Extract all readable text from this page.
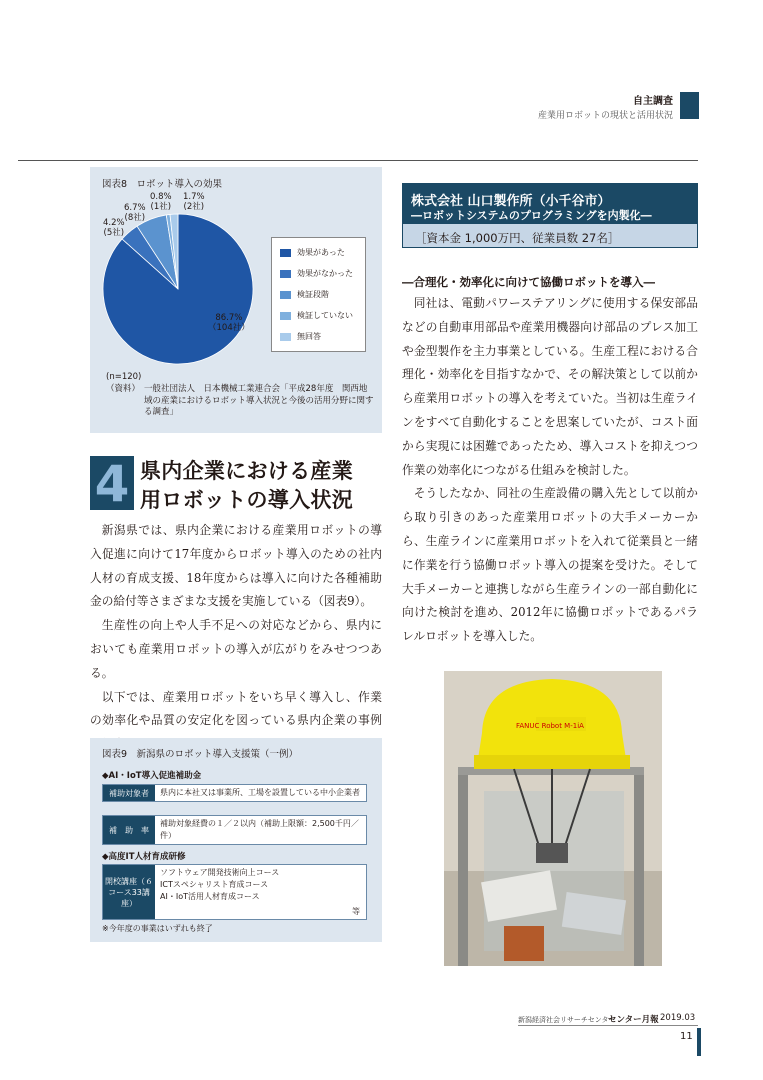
自主調査
産業用ロボットの現状と活用状況
図表8　ロボット導入の効果
86.7%
（104社）
4.2%
(5社)
6.7%
(8社)
0.8%
(1社)
1.7%
(2社)
効果があった
効果がなかった
検証段階
検証していない
無回答
(n=120)
（資料） 一般社団法人　日本機械工業連合会「平成28年度　関西地域の産業におけるロボット導入状況と今後の活用分野に関する調査」
4 県内企業における産業
用ロボットの導入状況

新潟県では、県内企業における産業用ロボットの導入促進に向けて17年度からロボット導入のための社内人材の育成支援、18年度からは導入に向けた各種補助金の給付等さまざまな支援を実施している（図表9）。

生産性の向上や人手不足への対応などから、県内においても産業用ロボットの導入が広がりをみせつつある。

以下では、産業用ロボットをいち早く導入し、作業の効率化や品質の安定化を図っている県内企業の事例

株式会社 山口製作所（小千谷市）
―ロボットシステムのプログラミングを内製化―
［資本金 1,000万円、従業員数 27名］
―合理化・効率化に向けて協働ロボットを導入―

同社は、電動パワーステアリングに使用する保安部品などの自動車用部品や産業用機器向け部品のプレス加工や金型製作を主力事業としている。生産工程における合理化・効率化を目指すなかで、その解決策として以前から産業用ロボットの導入を考えていた。当初は生産ラインをすべて自動化することを思案していたが、コスト面から実現には困難であったため、導入コストを抑えつつ作業の効率化につながる仕組みを検討した。

そうしたなか、同社の生産設備の購入先として以前から取り引きのあった産業用ロボットの大手メーカーから、生産ラインに産業用ロボットを入れて従業員と一緒に作業を行う協働ロボット導入の提案を受けた。そして大手メーカーと連携しながら生産ラインの一部自動化に向けた検討を進め、2012年に協働ロボットであるパラレルロボットを導入した。

FANUC Robot M-1iA
図表9　新潟県のロボット導入支援策（一例）
◆AI・IoT導入促進補助金
補助対象者	県内に本社又は事業所、工場を設置している中小企業者
補　助　率
補助対象経費の１／２以内（補助上限額：2,500千円／件）
◆高度IT人材育成研修
開校講座（６コース33講座）
ソフトウェア開発技術向上コース
ICTスペシャリスト育成コース
AI・IoT活用人材育成コース
等
※今年度の事業はいずれも終了
新潟経済社会リサーチセンター
センター月報 2019.03
11
